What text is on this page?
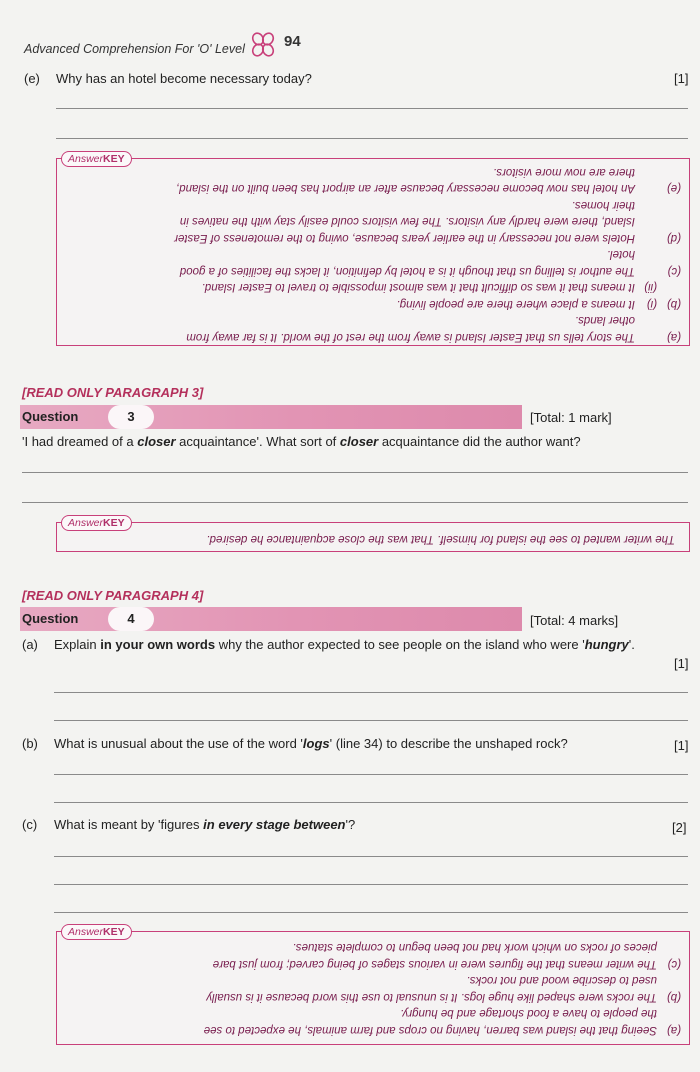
Advanced Comprehension For 'O' Level	94
(e) Why has an hotel become necessary today?	[1]
AnswerKEY
(a)
The story tells us that Easter Island is away from the rest of the world. It is far away from
other lands.
(b)
(i)
It means a place where there are people living.
(ii)
It means that it was so difficult that it was almost impossible to travel to Easter Island.
(c)
The author is telling us that though it is a hotel by definition, it lacks the facilities of a good
hotel.
(d)
Hotels were not necessary in the earlier years because, owing to the remoteness of Easter
Island, there were hardly any visitors. The few visitors could easily stay with the natives in
their homes.
(e)
An hotel has now become necessary because after an airport has been built on the island,
there are now more visitors.
[READ ONLY PARAGRAPH 3]
Question	3	[Total: 1 mark]
'I had dreamed of a closer acquaintance'. What sort of closer acquaintance did the author want?
AnswerKEY
The writer wanted to see the island for himself. That was the close acquaintance he desired.
[READ ONLY PARAGRAPH 4]
Question	4	[Total: 4 marks]
(a) Explain in your own words why the author expected to see people on the island who were 'hungry'.
[1]
(b) What is unusual about the use of the word 'logs' (line 34) to describe the unshaped rock?	[1]
(c) What is meant by 'figures in every stage between'?	[2]
AnswerKEY
(a)
Seeing that the island was barren, having no crops and farm animals, he expected to see
the people to have a food shortage and be hungry.
(b)
The rocks were shaped like huge logs. It is unusual to use this word because it is usually
used to describe wood and not rocks.
(c)
The writer means that the figures were in various stages of being carved; from just bare
pieces of rocks on which work had not been begun to complete statues.
